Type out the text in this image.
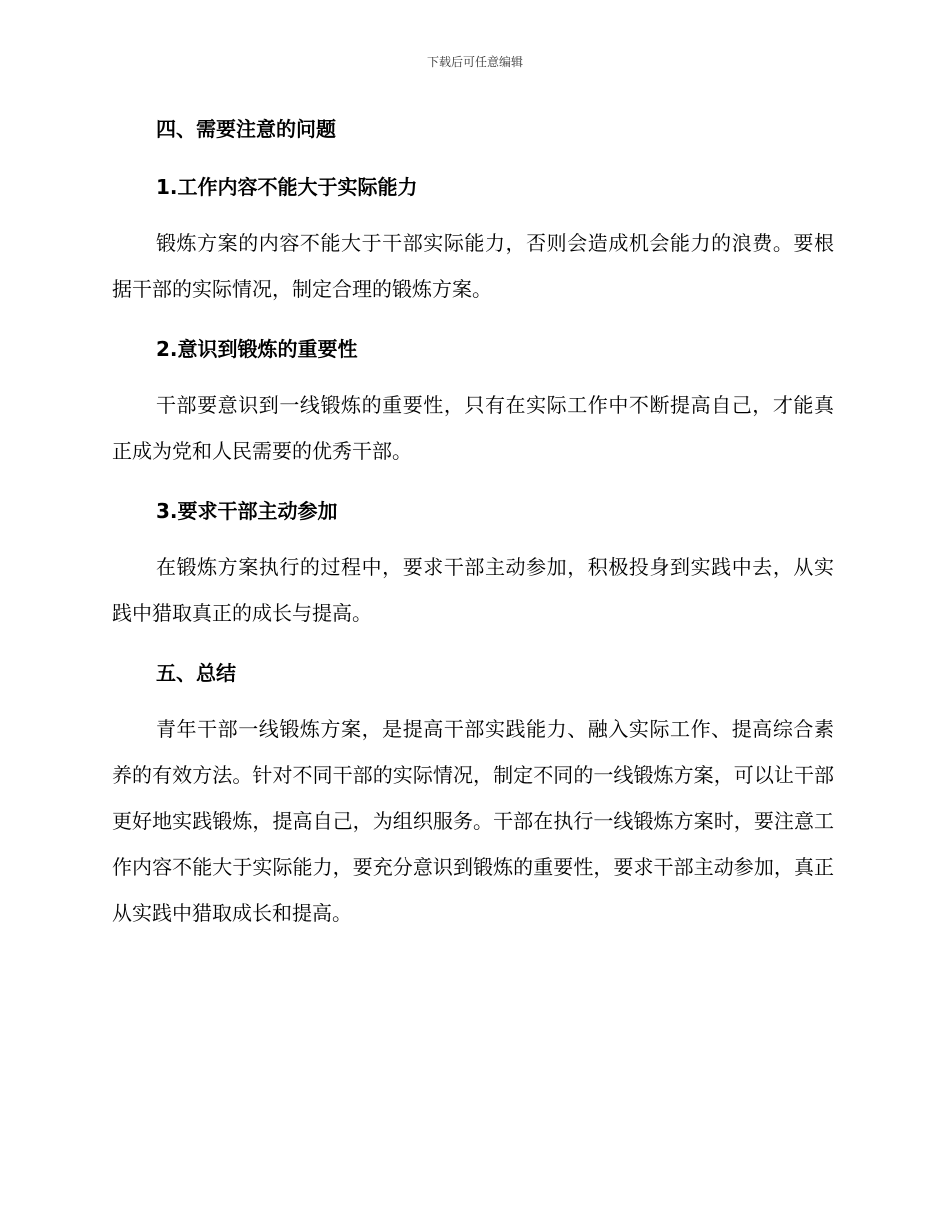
下载后可任意编辑
四、需要注意的问题
1.工作内容不能大于实际能力
锻炼方案的内容不能大于干部实际能力，否则会造成机会能力的浪费。要根据干部的实际情况，制定合理的锻炼方案。
2.意识到锻炼的重要性
干部要意识到一线锻炼的重要性，只有在实际工作中不断提高自己，才能真正成为党和人民需要的优秀干部。
3.要求干部主动参加
在锻炼方案执行的过程中，要求干部主动参加，积极投身到实践中去，从实践中猎取真正的成长与提高。
五、总结
青年干部一线锻炼方案，是提高干部实践能力、融入实际工作、提高综合素养的有效方法。针对不同干部的实际情况，制定不同的一线锻炼方案，可以让干部更好地实践锻炼，提高自己，为组织服务。干部在执行一线锻炼方案时，要注意工作内容不能大于实际能力，要充分意识到锻炼的重要性，要求干部主动参加，真正从实践中猎取成长和提高。
